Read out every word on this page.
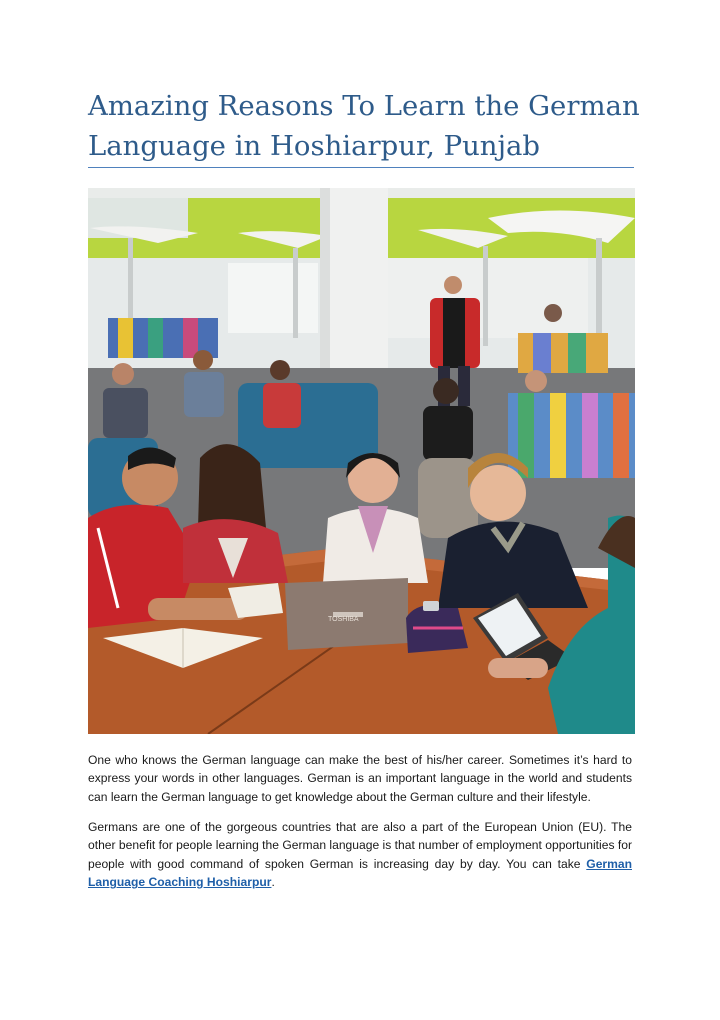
Amazing Reasons To Learn the German Language in Hoshiarpur, Punjab
TOSHIBA

One who knows the German language can make the best of his/her career. Sometimes it’s hard to express your words in other languages. German is an important language in the world and students can learn the German language to get knowledge about the German culture and their lifestyle.

Germans are one of the gorgeous countries that are also a part of the European Union (EU). The other benefit for people learning the German language is that number of employment opportunities for people with good command of spoken German is increasing day by day. You can take German Language Coaching Hoshiarpur.
